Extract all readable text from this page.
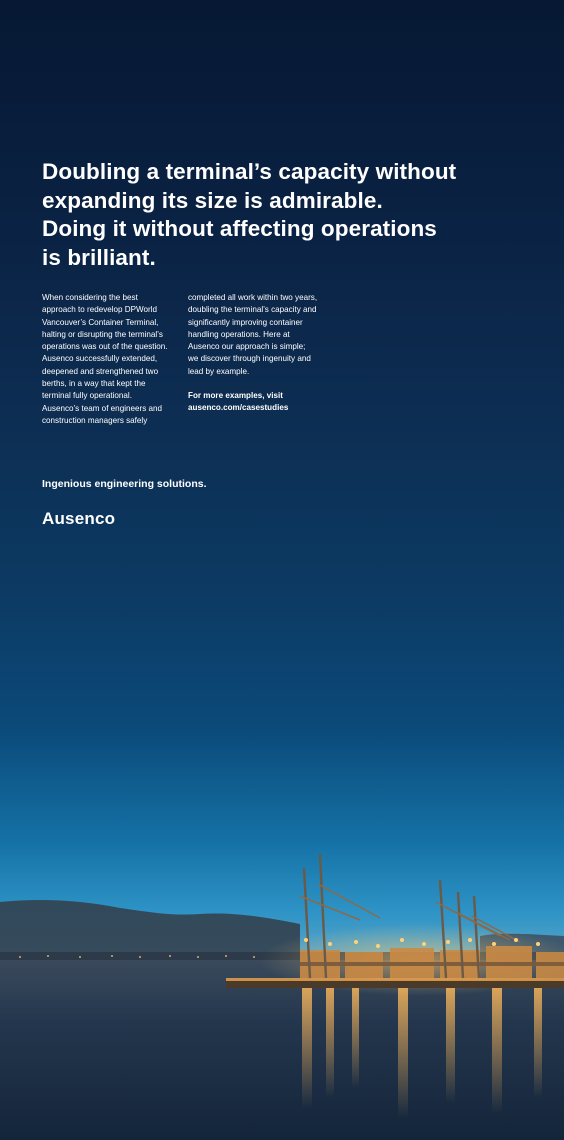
Doubling a terminal’s capacity without
expanding its size is admirable.
Doing it without affecting operations
is brilliant.
When considering the best
approach to redevelop DPWorld
Vancouver’s Container Terminal,
halting or disrupting the terminal’s
operations was out of the question.
Ausenco successfully extended,
deepened and strengthened two
berths, in a way that kept the
terminal fully operational.
Ausenco’s team of engineers and
construction managers safely
completed all work within two years,
doubling the terminal’s capacity and
significantly improving container
handling operations. Here at
Ausenco our approach is simple;
we discover through ingenuity and
lead by example.
For more examples, visit
ausenco.com/casestudies
Ingenious engineering solutions.
Ausenco
